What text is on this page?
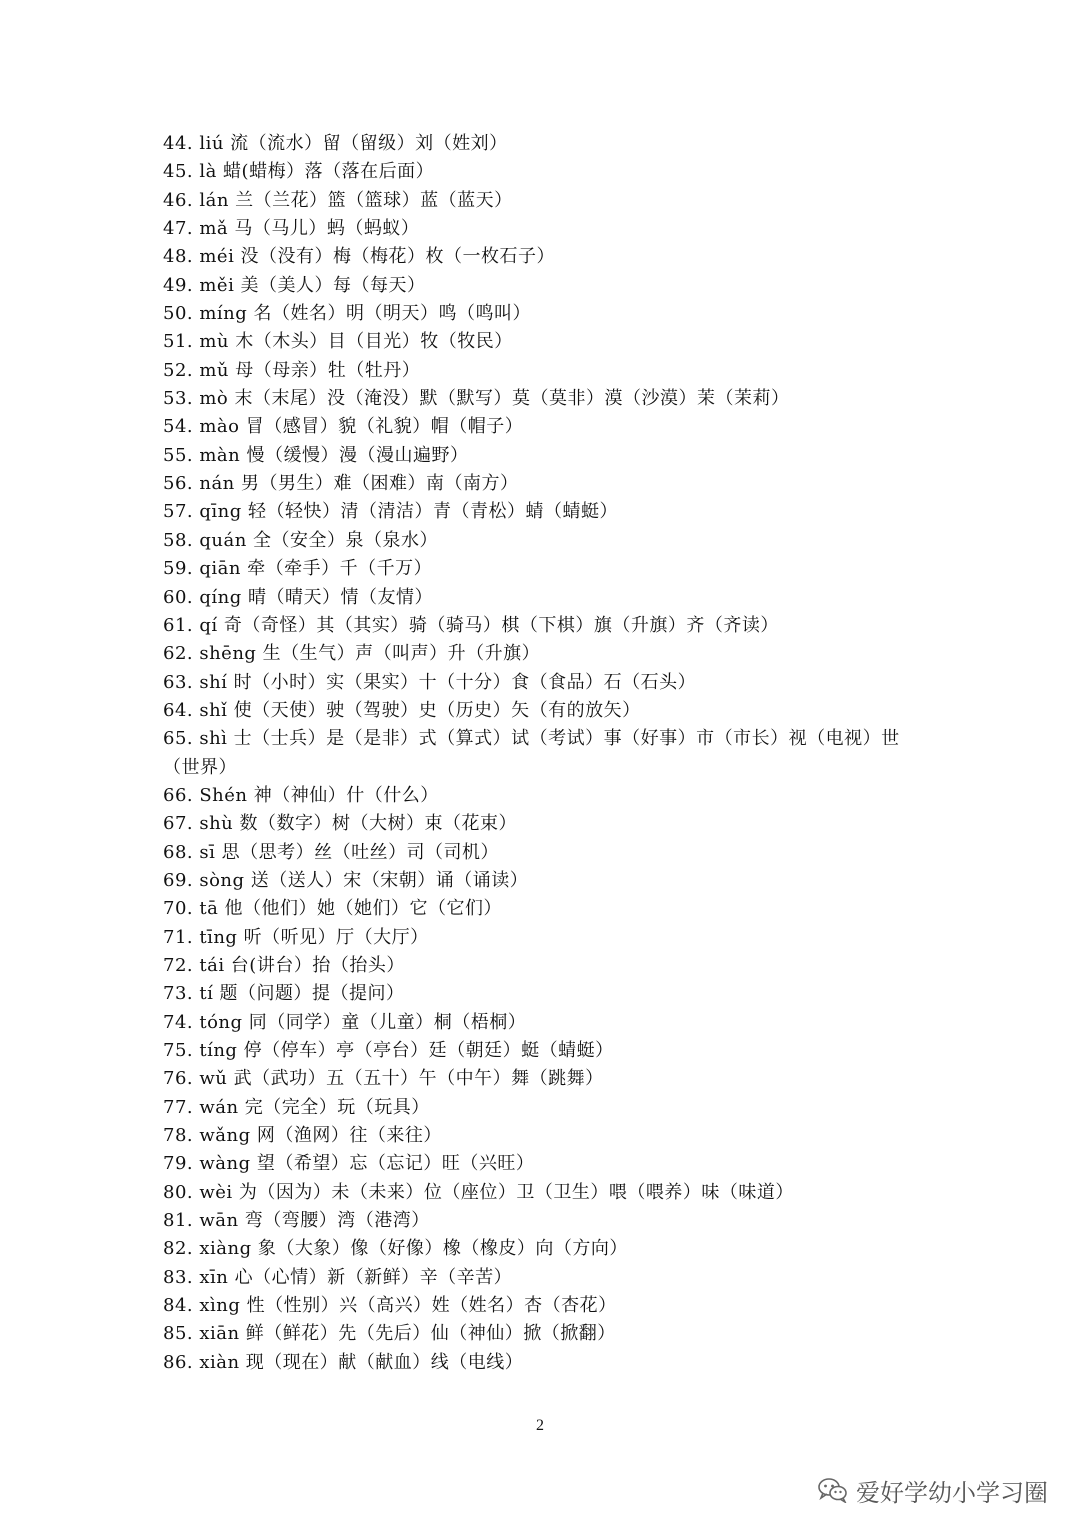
44. liú 流（流水）留（留级）刘（姓刘）
45. là 蜡(蜡梅）落（落在后面）
46. lán 兰（兰花）篮（篮球）蓝（蓝天）
47. mǎ 马（马儿）蚂（蚂蚁）
48. méi 没（没有）梅（梅花）枚（一枚石子）
49. měi 美（美人）每（每天）
50. míng 名（姓名）明（明天）鸣（鸣叫）
51. mù 木（木头）目（目光）牧（牧民）
52. mǔ 母（母亲）牡（牡丹）
53. mò 末（末尾）没（淹没）默（默写）莫（莫非）漠（沙漠）茉（茉莉）
54. mào 冒（感冒）貌（礼貌）帽（帽子）
55. màn 慢（缓慢）漫（漫山遍野）
56. nán 男（男生）难（困难）南（南方）
57. qīng 轻（轻快）清（清洁）青（青松）蜻（蜻蜓）
58. quán 全（安全）泉（泉水）
59. qiān 牵（牵手）千（千万）
60. qíng 晴（晴天）情（友情）
61. qí 奇（奇怪）其（其实）骑（骑马）棋（下棋）旗（升旗）齐（齐读）
62. shēng 生（生气）声（叫声）升（升旗）
63. shí 时（小时）实（果实）十（十分）食（食品）石（石头）
64. shǐ 使（天使）驶（驾驶）史（历史）矢（有的放矢）
65. shì 士（士兵）是（是非）式（算式）试（考试）事（好事）市（市长）视（电视）世（世界）
66. Shén 神（神仙）什（什么）
67. shù 数（数字）树（大树）束（花束）
68. sī 思（思考）丝（吐丝）司（司机）
69. sòng 送（送人）宋（宋朝）诵（诵读）
70. tā 他（他们）她（她们）它（它们）
71. tīng 听（听见）厅（大厅）
72. tái 台(讲台）抬（抬头）
73. tí 题（问题）提（提问）
74. tóng 同（同学）童（儿童）桐（梧桐）
75. tíng 停（停车）亭（亭台）廷（朝廷）蜓（蜻蜓）
76. wǔ 武（武功）五（五十）午（中午）舞（跳舞）
77. wán 完（完全）玩（玩具）
78. wǎng 网（渔网）往（来往）
79. wàng 望（希望）忘（忘记）旺（兴旺）
80. wèi 为（因为）未（未来）位（座位）卫（卫生）喂（喂养）味（味道）
81. wān 弯（弯腰）湾（港湾）
82. xiàng 象（大象）像（好像）橡（橡皮）向（方向）
83. xīn 心（心情）新（新鲜）辛（辛苦）
84. xìng 性（性别）兴（高兴）姓（姓名）杏（杏花）
85. xiān 鲜（鲜花）先（先后）仙（神仙）掀（掀翻）
86. xiàn 现（现在）献（献血）线（电线）
2
爱好学幼小学习圈
